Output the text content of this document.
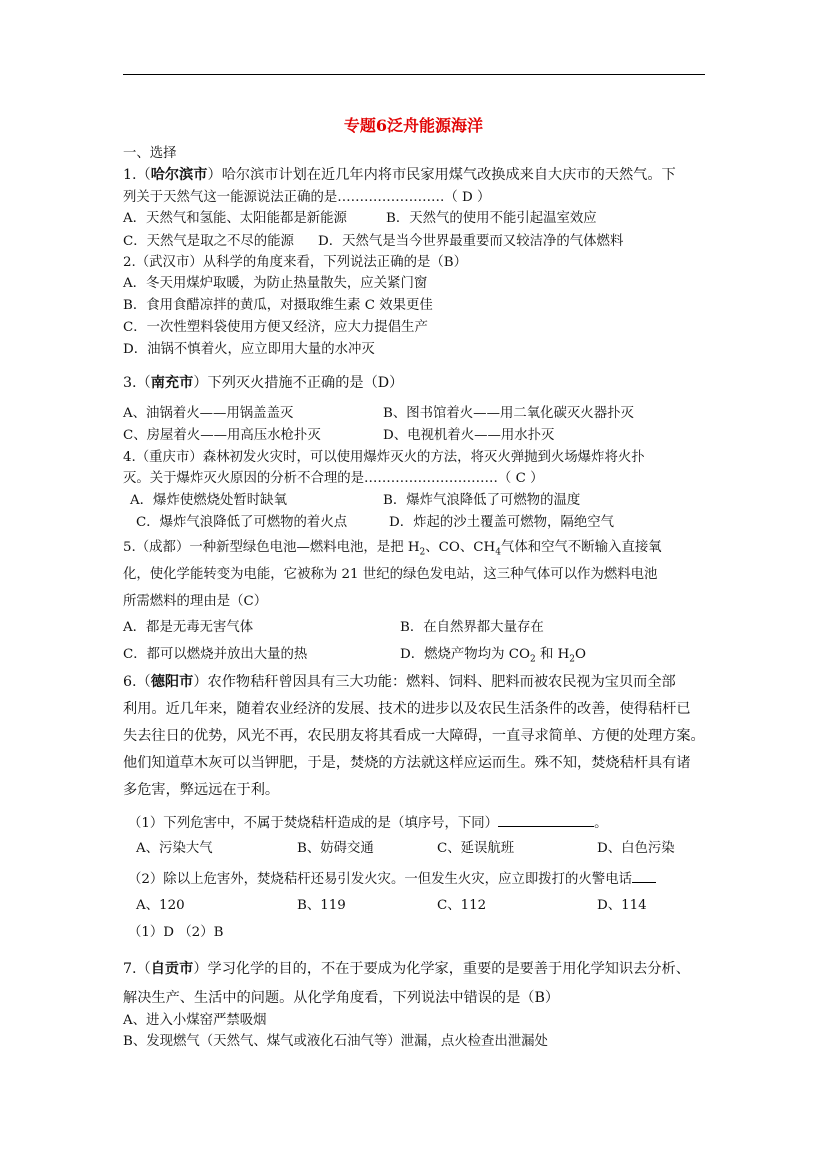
专题6泛舟能源海洋
一、选择
1.（哈尔滨市）哈尔滨市计划在近几年内将市民家用煤气改换成来自大庆市的天然气。下
列关于天然气这一能源说法正确的是……………………（ D ）
A．天然气和氢能、太阳能都是新能源	B．天然气的使用不能引起温室效应
C．天然气是取之不尽的能源 D．天然气是当今世界最重要而又较洁净的气体燃料
2.（武汉市）从科学的角度来看，下列说法正确的是（B）
A．冬天用煤炉取暖，为防止热量散失，应关紧门窗
B．食用食醋凉拌的黄瓜，对摄取维生素 C 效果更佳
C．一次性塑料袋使用方便又经济，应大力提倡生产
D．油锅不慎着火，应立即用大量的水冲灭
3.（南充市）下列灭火措施不正确的是（D）
A、油锅着火——用锅盖盖灭	B、图书馆着火——用二氧化碳灭火器扑灭
C、房屋着火——用高压水枪扑灭	D、电视机着火——用水扑灭
4.（重庆市）森林初发火灾时，可以使用爆炸灭火的方法，将灭火弹抛到火场爆炸将火扑
灭。关于爆炸灭火原因的分析不合理的是…………………………（ C ）
A．爆炸使燃烧处暂时缺氧	B．爆炸气浪降低了可燃物的温度
C．爆炸气浪降低了可燃物的着火点	D．炸起的沙土覆盖可燃物，隔绝空气
5.（成都）一种新型绿色电池—燃料电池，是把 $H_2$、CO、$CH_4$气体和空气不断输入直接氧
化，使化学能转变为电能，它被称为 21 世纪的绿色发电站，这三种气体可以作为燃料电池
所需燃料的理由是（C）
A．都是无毒无害气体	B．在自然界都大量存在
C．都可以燃烧并放出大量的热	D．燃烧产物均为 $CO_2$ 和 $H_2O$
6.（德阳市）农作物秸秆曾因具有三大功能：燃料、饲料、肥料而被农民视为宝贝而全部
利用。近几年来，随着农业经济的发展、技术的进步以及农民生活条件的改善，使得秸杆已
失去往日的优势，风光不再，农民朋友将其看成一大障碍，一直寻求简单、方便的处理方案。
他们知道草木灰可以当钾肥，于是，焚烧的方法就这样应运而生。殊不知，焚烧秸杆具有诸
多危害，弊远远在于利。
（1）下列危害中，不属于焚烧秸杆造成的是（填序号，下同）	。
A、污染大气	B、妨碍交通	C、延误航班	D、白色污染
（2）除以上危害外，焚烧秸杆还易引发火灾。一但发生火灾，应立即拨打的火警电话
A、120	B、119	C、112	D、114
（1）D （2）B
7.（自贡市）学习化学的目的，不在于要成为化学家，重要的是要善于用化学知识去分析、
解决生产、生活中的问题。从化学角度看，下列说法中错误的是（B）
A、进入小煤窑严禁吸烟
B、发现燃气（天然气、煤气或液化石油气等）泄漏，点火检查出泄漏处
